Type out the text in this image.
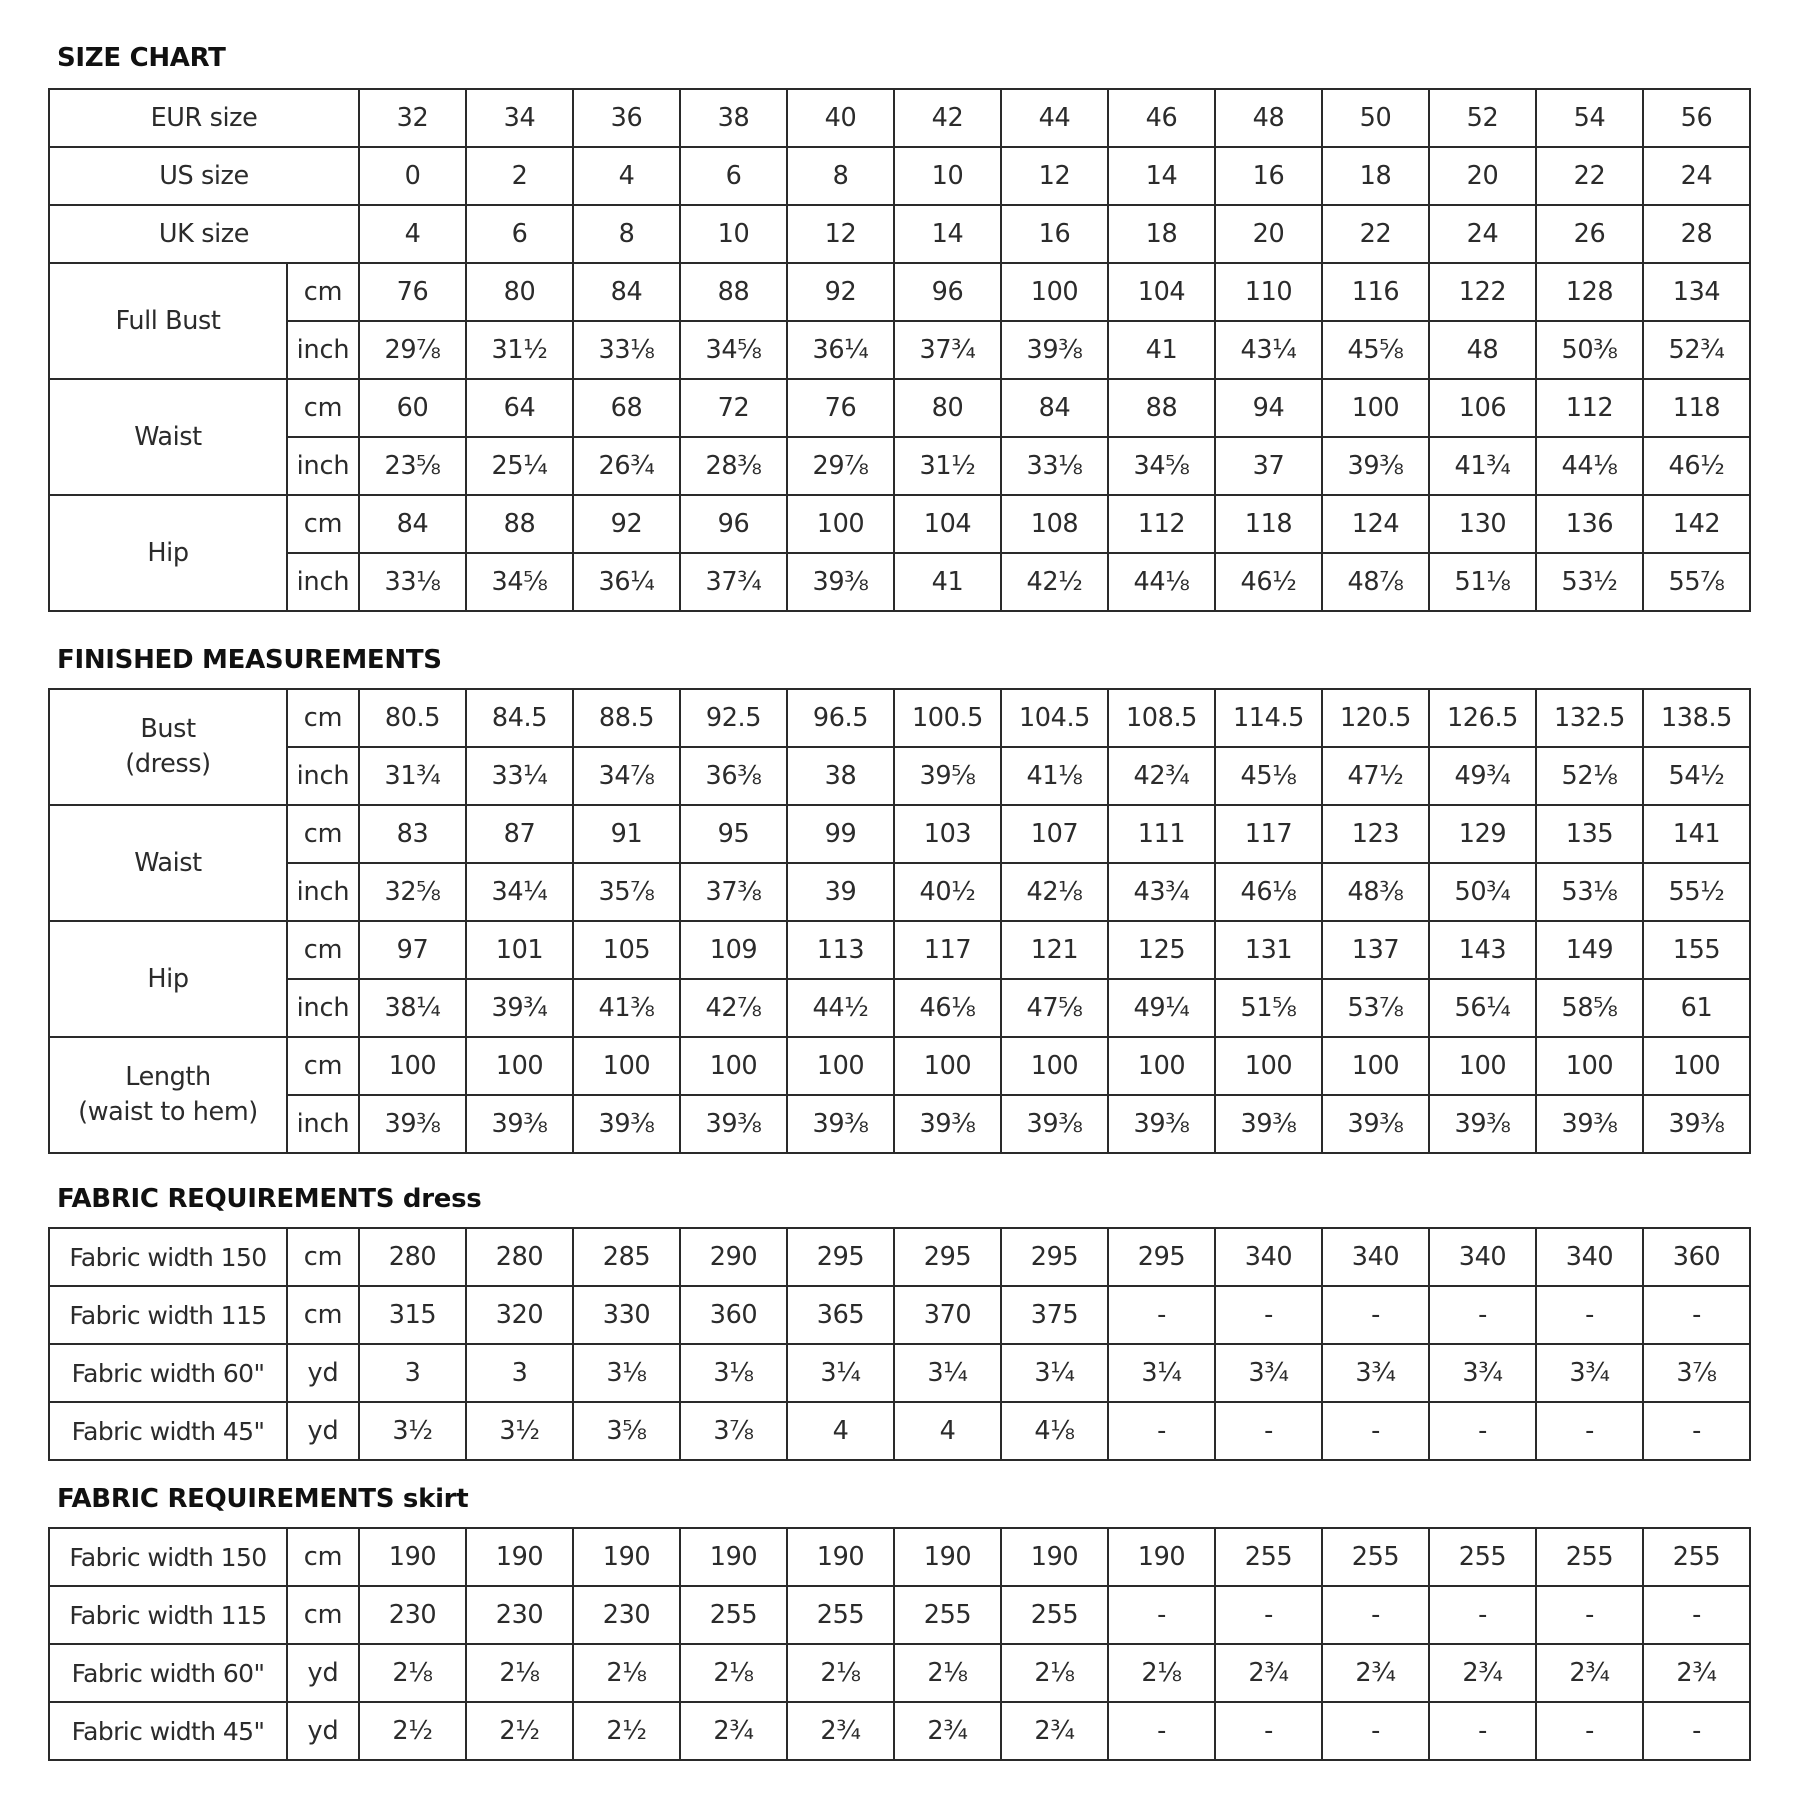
SIZE CHART
EUR size		32	34	36	38	40	42	44	46	48	50	52	54	56
US size		0	2	4	6	8	10	12	14	16	18	20	22	24
UK size		4	6	8	10	12	14	16	18	20	22	24	26	28

Full Bust	cm	76	80	84	88	92	96	100	104	110	116	122	128	134
	inch	29⅞	31½	33⅛	34⅝	36¼	37¾	39⅜	41	43¼	45⅝	48	50⅜	52¾

Waist	cm	60	64	68	72	76	80	84	88	94	100	106	112	118
	inch	23⅝	25¼	26¾	28⅜	29⅞	31½	33⅛	34⅝	37	39⅜	41¾	44⅛	46½

Hip	cm	84	88	92	96	100	104	108	112	118	124	130	136	142
	inch	33⅛	34⅝	36¼	37¾	39⅜	41	42½	44⅛	46½	48⅞	51⅛	53½	55⅞
FINISHED MEASUREMENTS
Bust
(dress)	cm	80.5	84.5	88.5	92.5	96.5	100.5	104.5	108.5	114.5	120.5	126.5	132.5	138.5
	inch	31¾	33¼	34⅞	36⅜	38	39⅝	41⅛	42¾	45⅛	47½	49¾	52⅛	54½

Waist	cm	83	87	91	95	99	103	107	111	117	123	129	135	141
	inch	32⅝	34¼	35⅞	37⅜	39	40½	42⅛	43¾	46⅛	48⅜	50¾	53⅛	55½

Hip	cm	97	101	105	109	113	117	121	125	131	137	143	149	155
	inch	38¼	39¾	41⅜	42⅞	44½	46⅛	47⅝	49¼	51⅝	53⅞	56¼	58⅝	61

Length
(waist to hem)	cm	100	100	100	100	100	100	100	100	100	100	100	100	100
	inch	39⅜	39⅜	39⅜	39⅜	39⅜	39⅜	39⅜	39⅜	39⅜	39⅜	39⅜	39⅜	39⅜
FABRIC REQUIREMENTS dress
Fabric width 150	cm	280	280	285	290	295	295	295	295	340	340	340	340	360
Fabric width 115	cm	315	320	330	360	365	370	375	-	-	-	-	-	-
Fabric width 60"	yd	3	3	3⅛	3⅛	3¼	3¼	3¼	3¼	3¾	3¾	3¾	3¾	3⅞
Fabric width 45"	yd	3½	3½	3⅝	3⅞	4	4	4⅛	-	-	-	-	-	-
FABRIC REQUIREMENTS skirt
Fabric width 150	cm	190	190	190	190	190	190	190	190	255	255	255	255	255
Fabric width 115	cm	230	230	230	255	255	255	255	-	-	-	-	-	-
Fabric width 60"	yd	2⅛	2⅛	2⅛	2⅛	2⅛	2⅛	2⅛	2⅛	2¾	2¾	2¾	2¾	2¾
Fabric width 45"	yd	2½	2½	2½	2¾	2¾	2¾	2¾	-	-	-	-	-	-
